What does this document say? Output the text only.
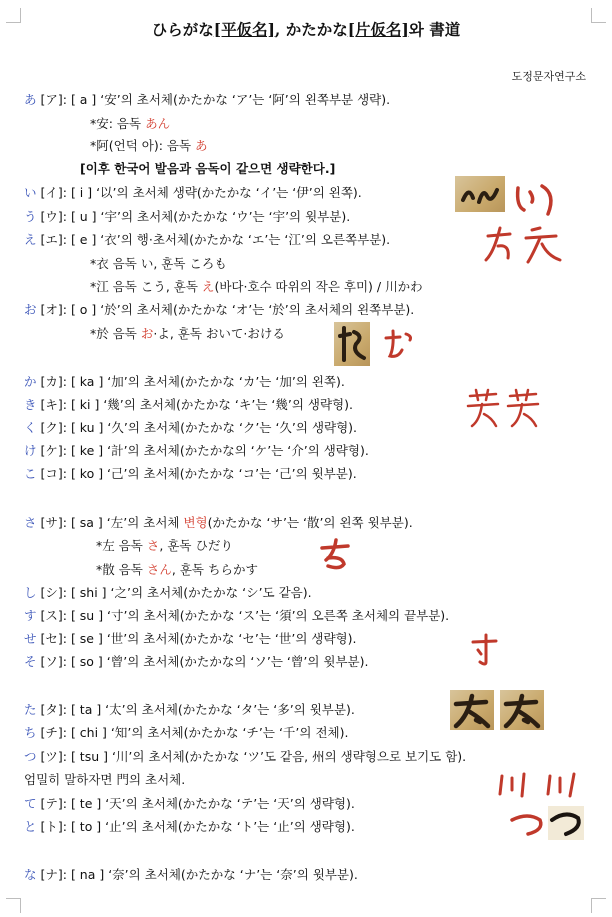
ひらがな[平仮名], かたかな[片仮名]와 書道
도정문자연구소
あ [ア]: [ a ] ‘安’의 초서체(かたかな ‘ア’는 ‘阿’의 왼쪽부분 생략).
*安: 음독 あん
*阿(언덕 아): 음독 あ
[이후 한국어 발음과 음독이 같으면 생략한다.]
い [イ]: [ i ] ‘以’의 초서체 생략(かたかな ‘イ’는 ‘伊’의 왼쪽).
う [ウ]: [ u ] ‘宇’의 초서체(かたかな ‘ウ’는 ‘宇’의 윗부분).
え [エ]: [ e ] ‘衣’의 행·초서체(かたかな ‘エ’는 ‘江’의 오른쪽부분).
*衣 음독 い, 훈독 ころも
*江 음독 こう, 훈독 え(바다·호수 따위의 작은 후미) / 川かわ
お [オ]: [ o ] ‘於’의 초서체(かたかな ‘オ’는 ‘於’의 초서체의 왼쪽부분).
*於 음독 お·よ, 훈독 おいて·おける
か [カ]: [ ka ] ‘加’의 초서체(かたかな ‘カ’는 ‘加’의 왼쪽).
き [キ]: [ ki ] ‘幾’의 초서체(かたかな ‘キ’는 ‘幾’의 생략형).
く [ク]: [ ku ] ‘久’의 초서체(かたかな ‘ク’는 ‘久’의 생략형).
け [ケ]: [ ke ] ‘計’의 초서체(かたかな의 ‘ケ’는 ‘介’의 생략형).
こ [コ]: [ ko ] ‘己’의 초서체(かたかな ‘コ’는 ‘己’의 윗부분).
さ [サ]: [ sa ] ‘左’의 초서체 변형(かたかな ‘サ’는 ‘散’의 왼쪽 윗부분).
*左 음독 さ, 훈독 ひだり
*散 음독 さん, 훈독 ちらかす
し [シ]: [ shi ] ‘之’의 초서체(かたかな ‘シ’도 같음).
す [ス]: [ su ] ‘寸’의 초서체(かたかな ‘ス’는 ‘須’의 오른쪽 초서체의 끝부분).
せ [セ]: [ se ] ‘世’의 초서체(かたかな ‘セ’는 ‘世’의 생략형).
そ [ソ]: [ so ] ‘曾’의 초서체(かたかな의 ‘ソ’는 ‘曾’의 윗부분).
た [タ]: [ ta ] ‘太’의 초서체(かたかな ‘タ’는 ‘多’의 윗부분).
ち [チ]: [ chi ] ‘知’의 초서체(かたかな ‘チ’는 ‘千’의 전체).
つ [ツ]: [ tsu ] ‘川’의 초서체(かたかな ‘ツ’도 같음, 州의 생략형으로 보기도 함).
엄밀히 말하자면 門의 초서체.
て [テ]: [ te ] ‘天’의 초서체(かたかな ‘テ’는 ‘天’의 생략형).
と [ト]: [ to ] ‘止’의 초서체(かたかな ‘ト’는 ‘止’의 생략형).
な [ナ]: [ na ] ‘奈’의 초서체(かたかな ‘ナ’는 ‘奈’의 윗부분).
